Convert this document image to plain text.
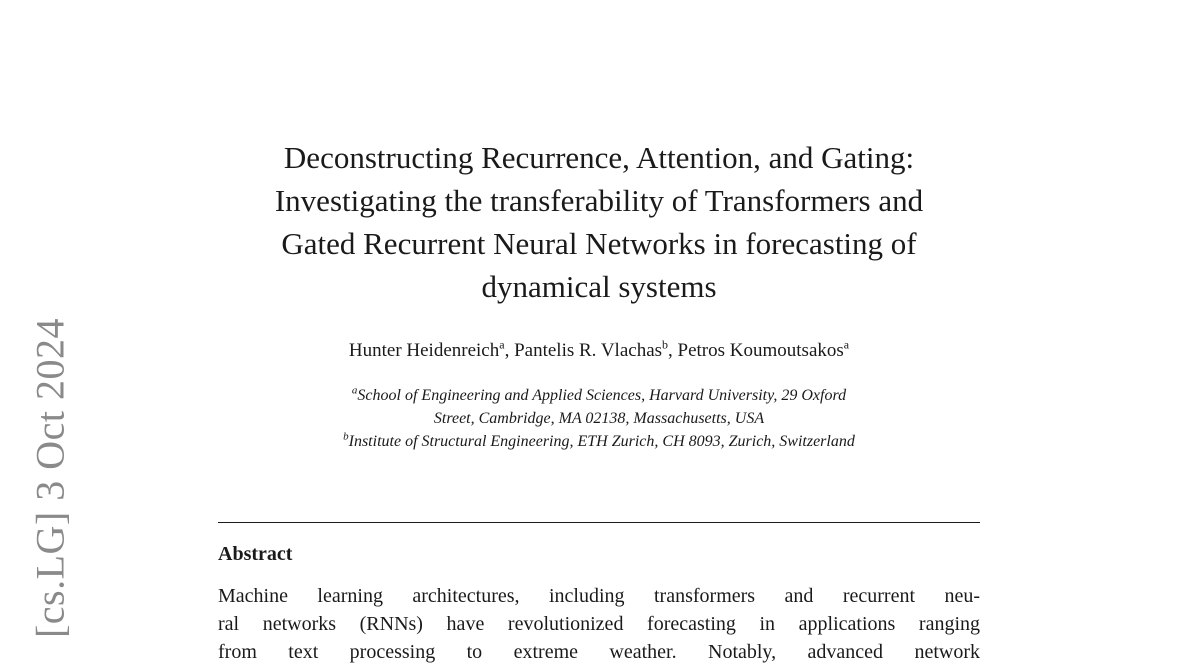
[cs.LG] 3 Oct 2024
Deconstructing Recurrence, Attention, and Gating:
Investigating the transferability of Transformers and
Gated Recurrent Neural Networks in forecasting of
dynamical systems
Hunter Heidenreich$^a$, Pantelis R. Vlachas$^b$, Petros Koumoutsakos$^a$
$^a$School of Engineering and Applied Sciences, Harvard University, 29 Oxford
Street, Cambridge, MA 02138, Massachusetts, USA
$^b$Institute of Structural Engineering, ETH Zurich, CH 8093, Zurich, Switzerland
Abstract
Machine learning architectures, including transformers and recurrent neu-
ral networks (RNNs) have revolutionized forecasting in applications ranging
from text processing to extreme weather. Notably, advanced network
